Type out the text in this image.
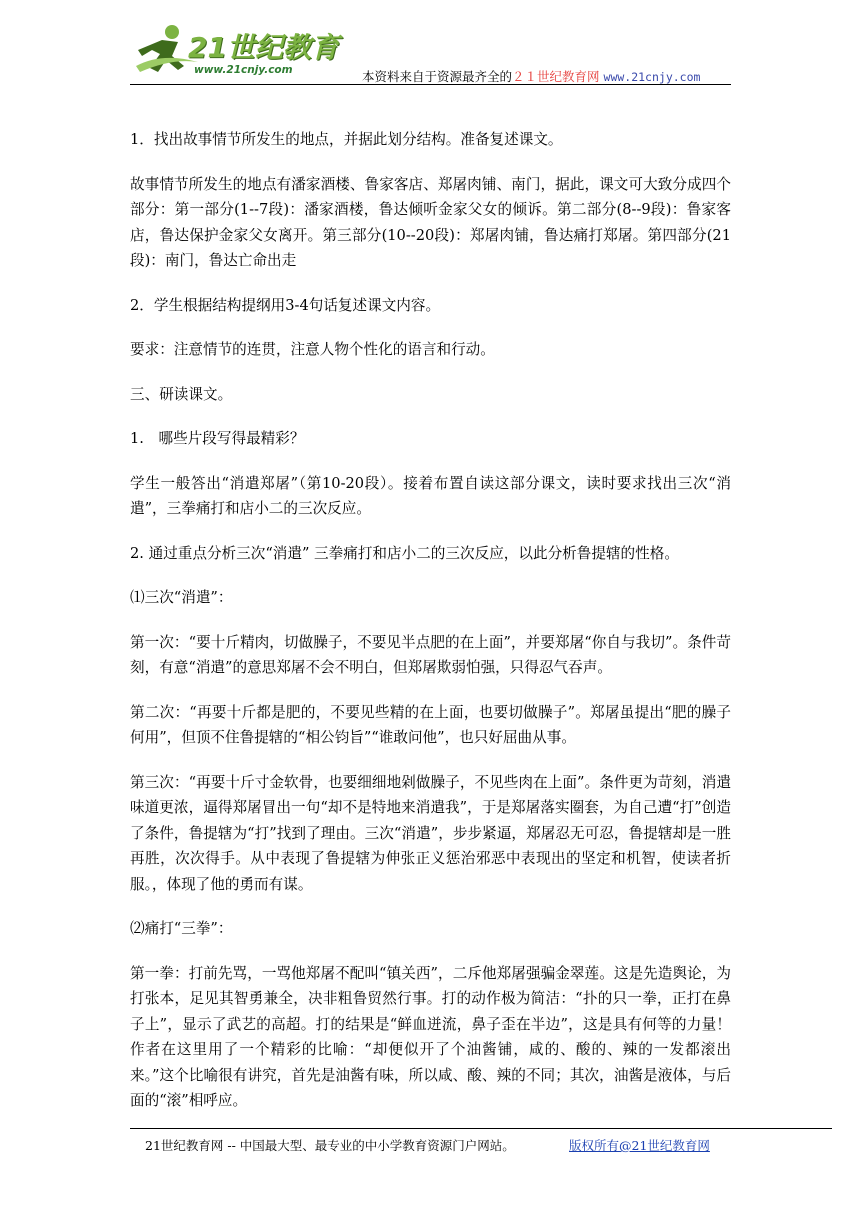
21世纪教育
www.21cnjy.com	本资料来自于资源最齐全的２１世纪教育网 www.21cnjy.com

1．找出故事情节所发生的地点，并据此划分结构。准备复述课文。

故事情节所发生的地点有潘家酒楼、鲁家客店、郑屠肉铺、南门，据此，课文可大致分成四个部分：第一部分(1--7段)：潘家酒楼，鲁达倾听金家父女的倾诉。第二部分(8--9段)：鲁家客店，鲁达保护金家父女离开。第三部分(10--20段)：郑屠肉铺，鲁达痛打郑屠。第四部分(21段)：南门，鲁达亡命出走

2．学生根据结构提纲用3-4句话复述课文内容。

要求：注意情节的连贯，注意人物个性化的语言和行动。

三、研读课文。

1.　哪些片段写得最精彩？

学生一般答出“消遣郑屠”（第10-20段）。接着布置自读这部分课文，读时要求找出三次“消遣”，三拳痛打和店小二的三次反应。

2. 通过重点分析三次“消遣” 三拳痛打和店小二的三次反应，以此分析鲁提辖的性格。

⑴三次“消遣”：

第一次：“要十斤精肉，切做臊子，不要见半点肥的在上面”，并要郑屠“你自与我切”。条件苛刻，有意“消遣”的意思郑屠不会不明白，但郑屠欺弱怕强，只得忍气吞声。

第二次：“再要十斤都是肥的，不要见些精的在上面，也要切做臊子”。郑屠虽提出“肥的臊子何用”，但顶不住鲁提辖的“相公钧旨”“谁敢问他”，也只好屈曲从事。

第三次：“再要十斤寸金软骨，也要细细地剁做臊子，不见些肉在上面”。条件更为苛刻，消遣味道更浓，逼得郑屠冒出一句“却不是特地来消遣我”，于是郑屠落实圈套，为自己遭“打”创造了条件，鲁提辖为“打”找到了理由。三次“消遣”，步步紧逼，郑屠忍无可忍，鲁提辖却是一胜再胜，次次得手。从中表现了鲁提辖为伸张正义惩治邪恶中表现出的坚定和机智，使读者折服。，体现了他的勇而有谋。

⑵痛打“三拳”：

第一拳：打前先骂，一骂他郑屠不配叫“镇关西”，二斥他郑屠强骗金翠莲。这是先造舆论，为打张本，足见其智勇兼全，决非粗鲁贸然行事。打的动作极为简洁：“扑的只一拳，正打在鼻子上”，显示了武艺的高超。打的结果是“鲜血迸流，鼻子歪在半边”，这是具有何等的力量！作者在这里用了一个精彩的比喻：“却便似开了个油酱铺，咸的、酸的、辣的一发都滚出来。”这个比喻很有讲究，首先是油酱有味，所以咸、酸、辣的不同；其次，油酱是液体，与后面的“滚”相呼应。

21世纪教育网 -- 中国最大型、最专业的中小学教育资源门户网站。	版权所有@21世纪教育网
